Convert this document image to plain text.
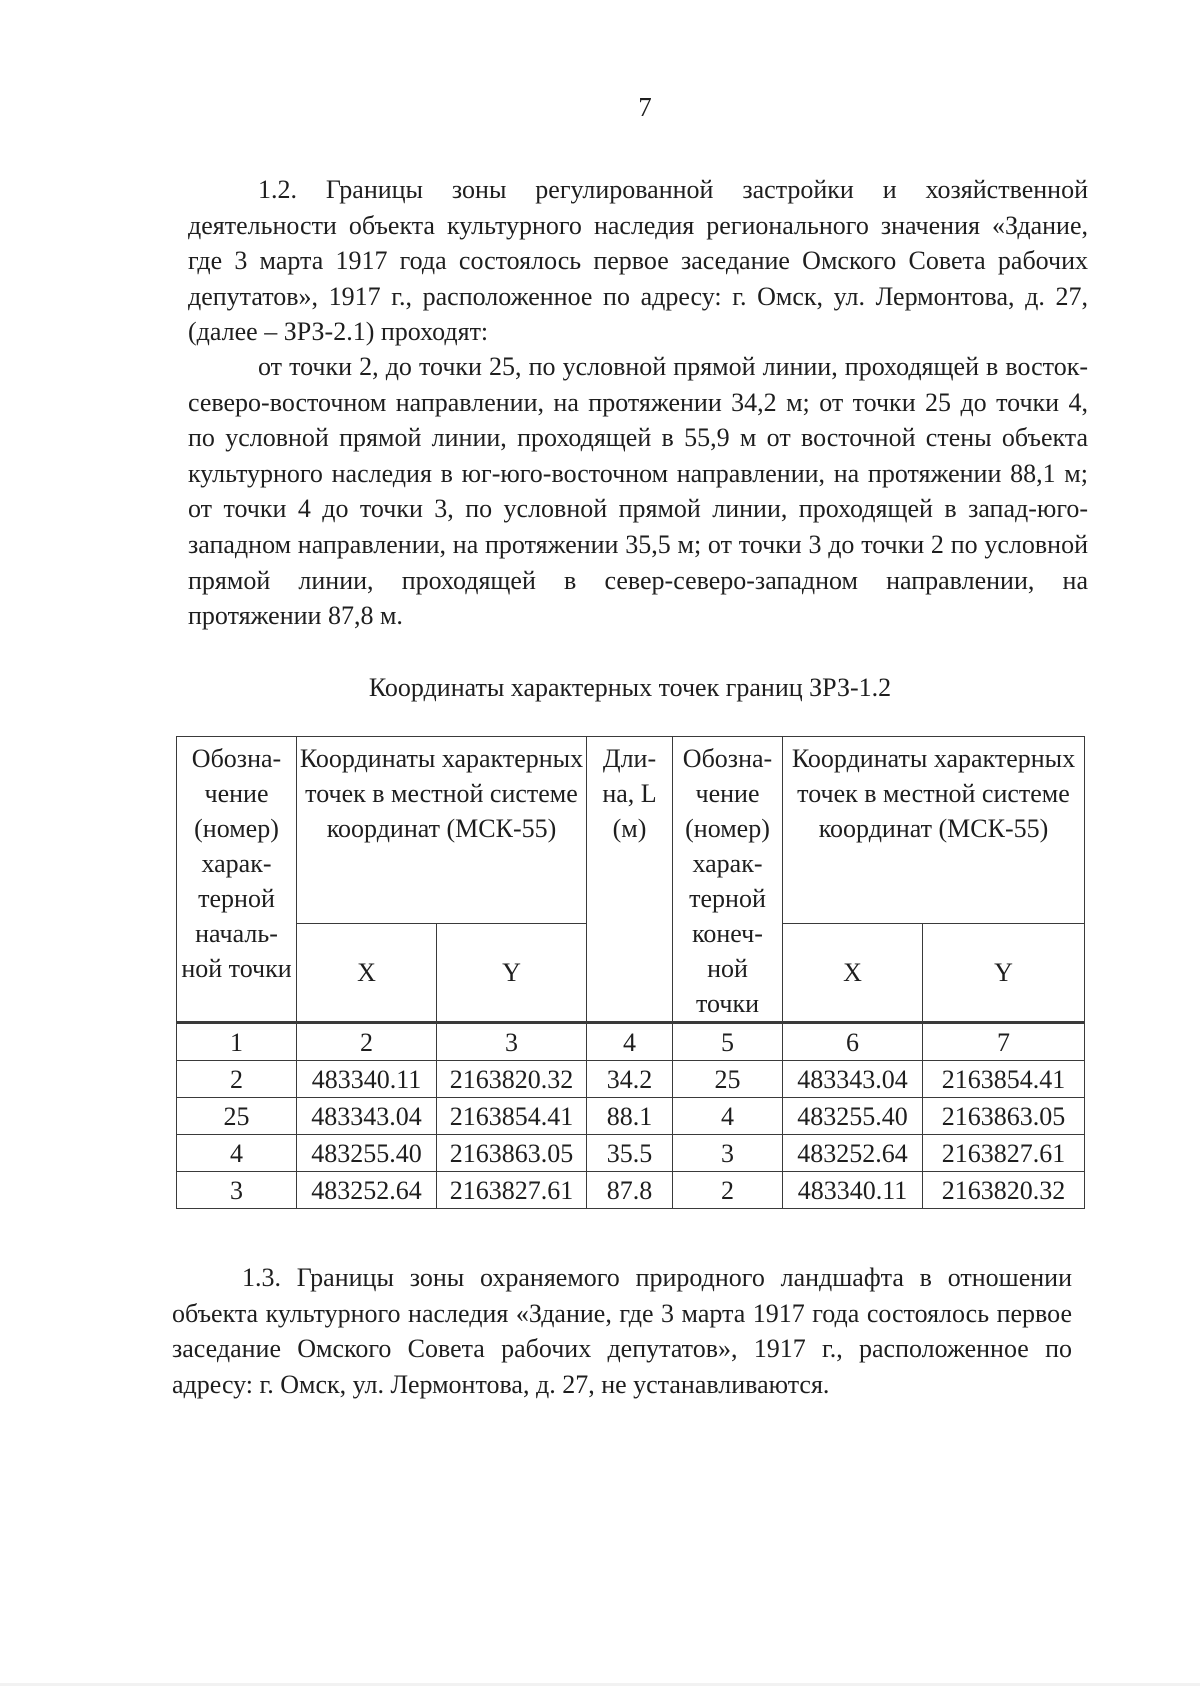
7

1.2. Границы зоны регулированной застройки и хозяйственной деятельности объекта культурного наследия регионального значения «Здание, где 3 марта 1917 года состоялось первое заседание Омского Совета рабочих депутатов», 1917 г., расположенное по адресу: г. Омск, ул. Лермонтова, д. 27, (далее – ЗРЗ-2.1) проходят:

от точки 2, до точки 25, по условной прямой линии, проходящей в восток-северо-восточном направлении, на протяжении 34,2 м; от точки 25 до точки 4, по условной прямой линии, проходящей в 55,9 м от восточной стены объекта культурного наследия в юг-юго-восточном направлении, на протяжении 88,1 м; от точки 4 до точки 3, по условной прямой линии, проходящей в запад-юго-западном направлении, на протяжении 35,5 м; от точки 3 до точки 2 по условной прямой линии, проходящей в север-северо-западном направлении, на протяжении 87,8 м.

Координаты характерных точек границ ЗРЗ-1.2
Обозна-чение (номер) харак-терной началь-ной точки	Координаты характерных точек в местной системе координат (МСК-55)		Дли-на, L (м)	Обозна-чение (номер) харак-терной конеч-ной точки	Координаты характерных точек в местной системе координат (МСК-55)	
	X	Y			X	Y
1	2	3	4	5	6	7
2	483340.11	2163820.32	34.2	25	483343.04	2163854.41
25	483343.04	2163854.41	88.1	4	483255.40	2163863.05
4	483255.40	2163863.05	35.5	3	483252.64	2163827.61
3	483252.64	2163827.61	87.8	2	483340.11	2163820.32

1.3. Границы зоны охраняемого природного ландшафта в отношении объекта культурного наследия «Здание, где 3 марта 1917 года состоялось первое заседание Омского Совета рабочих депутатов», 1917 г., расположенное по адресу: г. Омск, ул. Лермонтова, д. 27, не устанавливаются.
